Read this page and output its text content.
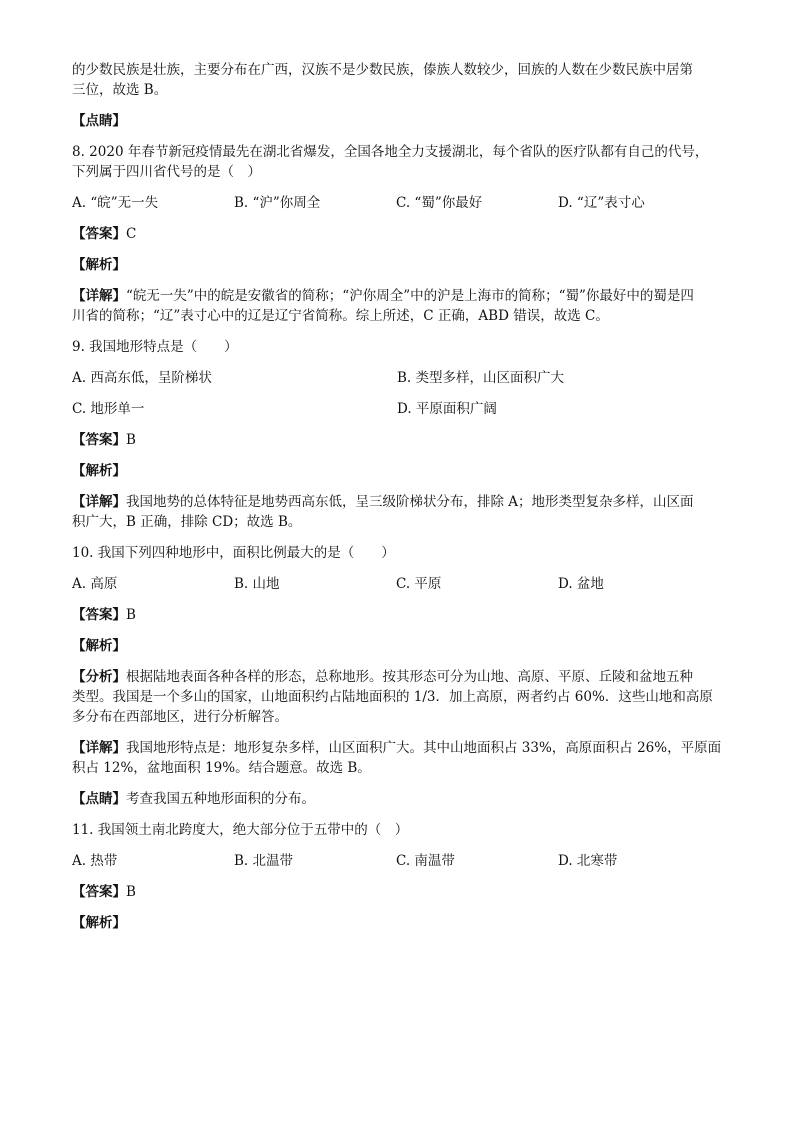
的少数民族是壮族，主要分布在广西，汉族不是少数民族，傣族人数较少，回族的人数在少数民族中居第
三位，故选 B。
【点睛】
8. 2020 年春节新冠疫情最先在湖北省爆发，全国各地全力支援湖北，每个省队的医疗队都有自己的代号，
下列属于四川省代号的是（　）
A. “皖”无一失	B. “沪”你周全	C. “蜀”你最好	D. “辽”表寸心
【答案】C
【解析】
【详解】“皖无一失”中的皖是安徽省的简称；“沪你周全”中的沪是上海市的简称；“蜀”你最好中的蜀是四
川省的简称；“辽”表寸心中的辽是辽宁省简称。综上所述，C 正确，ABD 错误，故选 C。
9. 我国地形特点是（　　）
A. 西高东低，呈阶梯状	B. 类型多样，山区面积广大
C. 地形单一	D. 平原面积广阔
【答案】B
【解析】
【详解】我国地势的总体特征是地势西高东低，呈三级阶梯状分布，排除 A；地形类型复杂多样，山区面
积广大，B 正确，排除 CD；故选 B。
10. 我国下列四种地形中，面积比例最大的是（　　）
A. 高原	B. 山地	C. 平原	D. 盆地
【答案】B
【解析】
【分析】根据陆地表面各种各样的形态，总称地形。按其形态可分为山地、高原、平原、丘陵和盆地五种
类型。我国是一个多山的国家，山地面积约占陆地面积的 1/3．加上高原，两者约占 60%．这些山地和高原
多分布在西部地区，进行分析解答。
【详解】我国地形特点是：地形复杂多样，山区面积广大。其中山地面积占 33%，高原面积占 26%，平原面
积占 12%，盆地面积 19%。结合题意。故选 B。
【点睛】考查我国五种地形面积的分布。
11. 我国领土南北跨度大，绝大部分位于五带中的（　）
A. 热带	B. 北温带	C. 南温带	D. 北寒带
【答案】B
【解析】
